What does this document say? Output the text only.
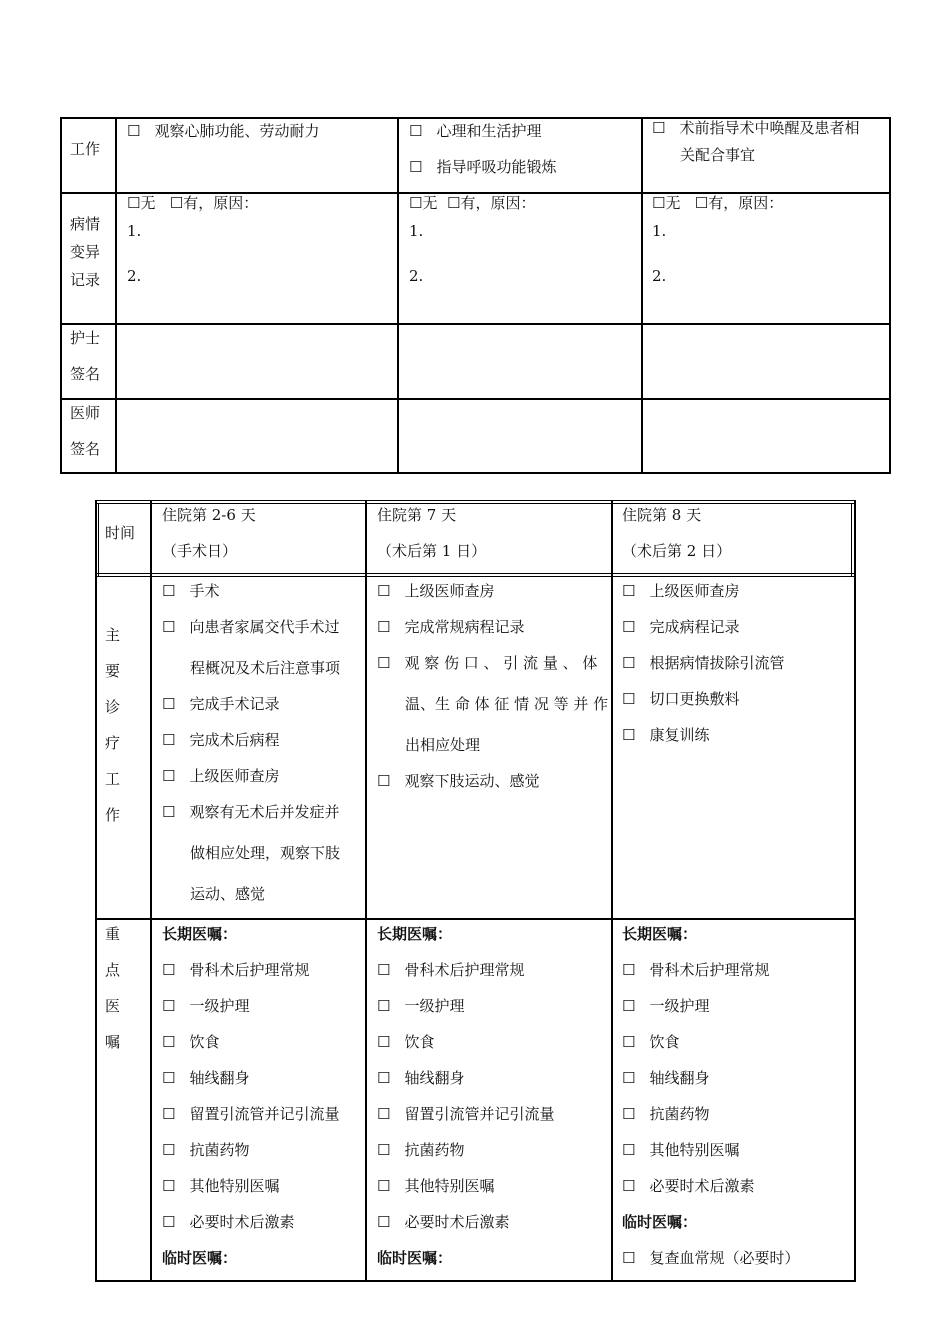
工作
☐ 观察心肺功能、劳动耐力	☐ 心理和生活护理
☐ 指导呼吸功能锻炼
☐ 术前指导术中唤醒及患者相
关配合事宜
病情
变异
记录
☐无 ☐有，原因：
1.
2.
☐无 ☐有，原因：
1.
2.
☐无 ☐有，原因：
1.
2.
护士
签名
医师
签名
时间
住院第 2-6 天
（手术日）
住院第 7 天
（术后第 1 日）
住院第 8 天
（术后第 2 日）
主
要
诊
疗
工
作
☐ 手术
☐ 向患者家属交代手术过
程概况及术后注意事项
☐ 完成手术记录
☐ 完成术后病程
☐ 上级医师查房
☐ 观察有无术后并发症并
做相应处理，观察下肢
运动、感觉
☐ 上级医师查房
☐ 完成常规病程记录
☐ 观 察 伤 口 、 引 流 量 、 体
温、生 命 体 征 情 况 等 并 作
出相应处理
☐ 观察下肢运动、感觉
☐ 上级医师查房
☐ 完成病程记录
☐ 根据病情拔除引流管
☐ 切口更换敷料
☐ 康复训练
重
点
医
嘱
长期医嘱：
☐ 骨科术后护理常规
☐ 一级护理
☐ 饮食
☐ 轴线翻身
☐ 留置引流管并记引流量
☐ 抗菌药物
☐ 其他特别医嘱
☐ 必要时术后激素
临时医嘱：
长期医嘱：
☐ 骨科术后护理常规
☐ 一级护理
☐ 饮食
☐ 轴线翻身
☐ 留置引流管并记引流量
☐ 抗菌药物
☐ 其他特别医嘱
☐ 必要时术后激素
临时医嘱：
长期医嘱：
☐ 骨科术后护理常规
☐ 一级护理
☐ 饮食
☐ 轴线翻身
☐ 抗菌药物
☐ 其他特别医嘱
☐ 必要时术后激素
临时医嘱：
☐ 复查血常规（必要时）
